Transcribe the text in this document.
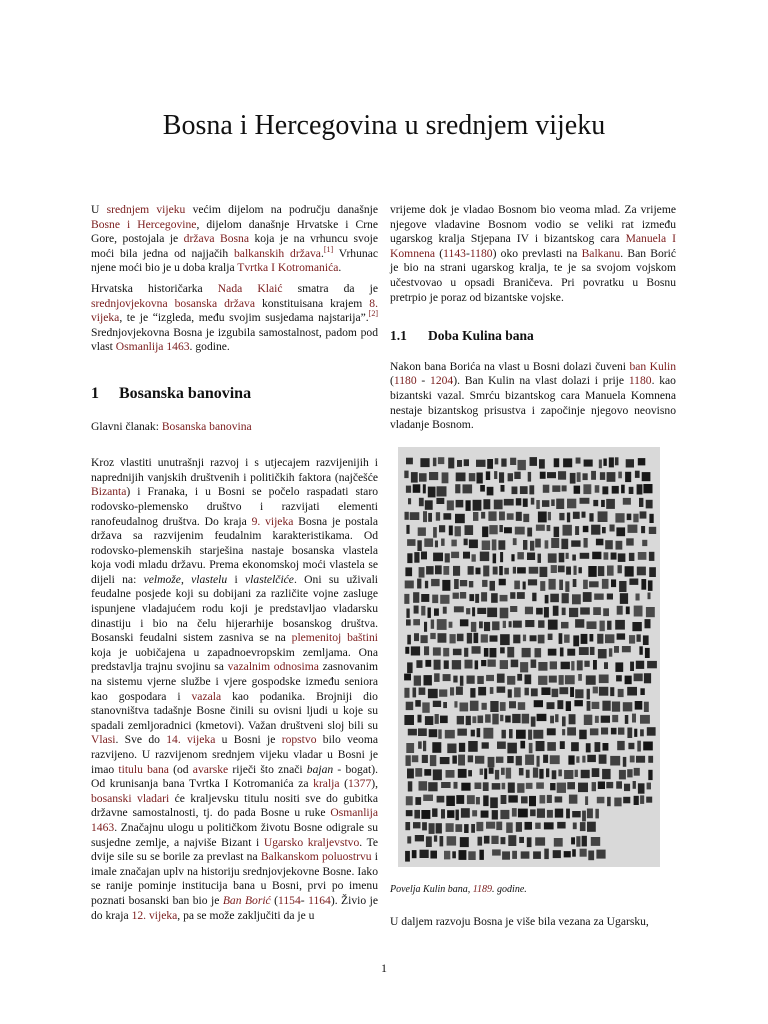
Bosna i Hercegovina u srednjem vijeku

U srednjem vijeku većim dijelom na području današnje Bosne i Hercegovine, dijelom današnje Hrvatske i Crne Gore, postojala je država Bosna koja je na vrhuncu svoje moći bila jedna od najjačih balkanskih država.[1] Vrhunac njene moći bio je u doba kralja Tvrtka I Kotromanića.

Hrvatska historičarka Nada Klaić smatra da je srednjovjekovna bosanska država konstituisana krajem 8. vijeka, te je “izgleda, među svojim susjedama najstarija”.[2] Srednjovjekovna Bosna je izgubila samostalnost, padom pod vlast Osmanlija 1463. godine.

1 Bosanska banovina

Glavni članak: Bosanska banovina

Kroz vlastiti unutrašnji razvoj i s utjecajem razvijenijih i naprednijih vanjskih društvenih i političkih faktora (najčešće Bizanta) i Franaka, i u Bosni se počelo raspadati staro rodovsko-plemensko društvo i razvijati elementi ranofeudalnog društva. Do kraja 9. vijeka Bosna je postala država sa razvijenim feudalnim karakteristikama. Od rodovsko-plemenskih starješina nastaje bosanska vlastela koja vodi mladu državu. Prema ekonomskoj moći vlastela se dijeli na: velmože, vlastelu i vlastelčiće. Oni su uživali feudalne posjede koji su dobijani za različite vojne zasluge ispunjene vladajućem rodu koji je predstavljao vladarsku dinastiju i bio na čelu hijerarhije bosanskog društva. Bosanski feudalni sistem zasniva se na plemenitoj baštini koja je uobičajena u zapadnoevropskim zemljama. Ona predstavlja trajnu svojinu sa vazalnim odnosima zasnovanim na sistemu vjerne službe i vjere gospodske između seniora kao gospodara i vazala kao podanika. Brojniji dio stanovništva tadašnje Bosne činili su ovisni ljudi u koje su spadali zemljoradnici (kmetovi). Važan društveni sloj bili su Vlasi. Sve do 14. vijeka u Bosni je ropstvo bilo veoma razvijeno. U razvijenom srednjem vijeku vladar u Bosni je imao titulu bana (od avarske riječi što znači bajan - bogat). Od krunisanja bana Tvrtka I Kotromanića za kralja (1377), bosanski vladari će kraljevsku titulu nositi sve do gubitka državne samostalnosti, tj. do pada Bosne u ruke Osmanlija 1463. Značajnu ulogu u političkom životu Bosne odigrale su susjedne zemlje, a najviše Bizant i Ugarsko kraljevstvo. Te dvije sile su se borile za prevlast na Balkanskom poluostrvu i imale značajan uplv na historiju srednjovjekovne Bosne. Iako se ranije pominje institucija bana u Bosni, prvi po imenu poznati bosanski ban bio je Ban Borić (1154- 1164). Živio je do kraja 12. vijeka, pa se može zaključiti da je u

vrijeme dok je vladao Bosnom bio veoma mlad. Za vrijeme njegove vladavine Bosnom vodio se veliki rat između ugarskog kralja Stjepana IV i bizantskog cara Manuela I Komnena (1143-1180) oko prevlasti na Balkanu. Ban Borić je bio na strani ugarskog kralja, te je sa svojom vojskom učestvovao u opsadi Braničeva. Pri povratku u Bosnu pretrpio je poraz od bizantske vojske.

1.1 Doba Kulina bana

Nakon bana Borića na vlast u Bosni dolazi čuveni ban Kulin (1180 - 1204). Ban Kulin na vlast dolazi i prije 1180. kao bizantski vazal. Smrću bizantskog cara Manuela Komnena nestaje bizantskog prisustva i započinje njegovo neovisno vladanje Bosnom.

Povelja Kulin bana, 1189. godine.

U daljem razvoju Bosna je više bila vezana za Ugarsku,

1
